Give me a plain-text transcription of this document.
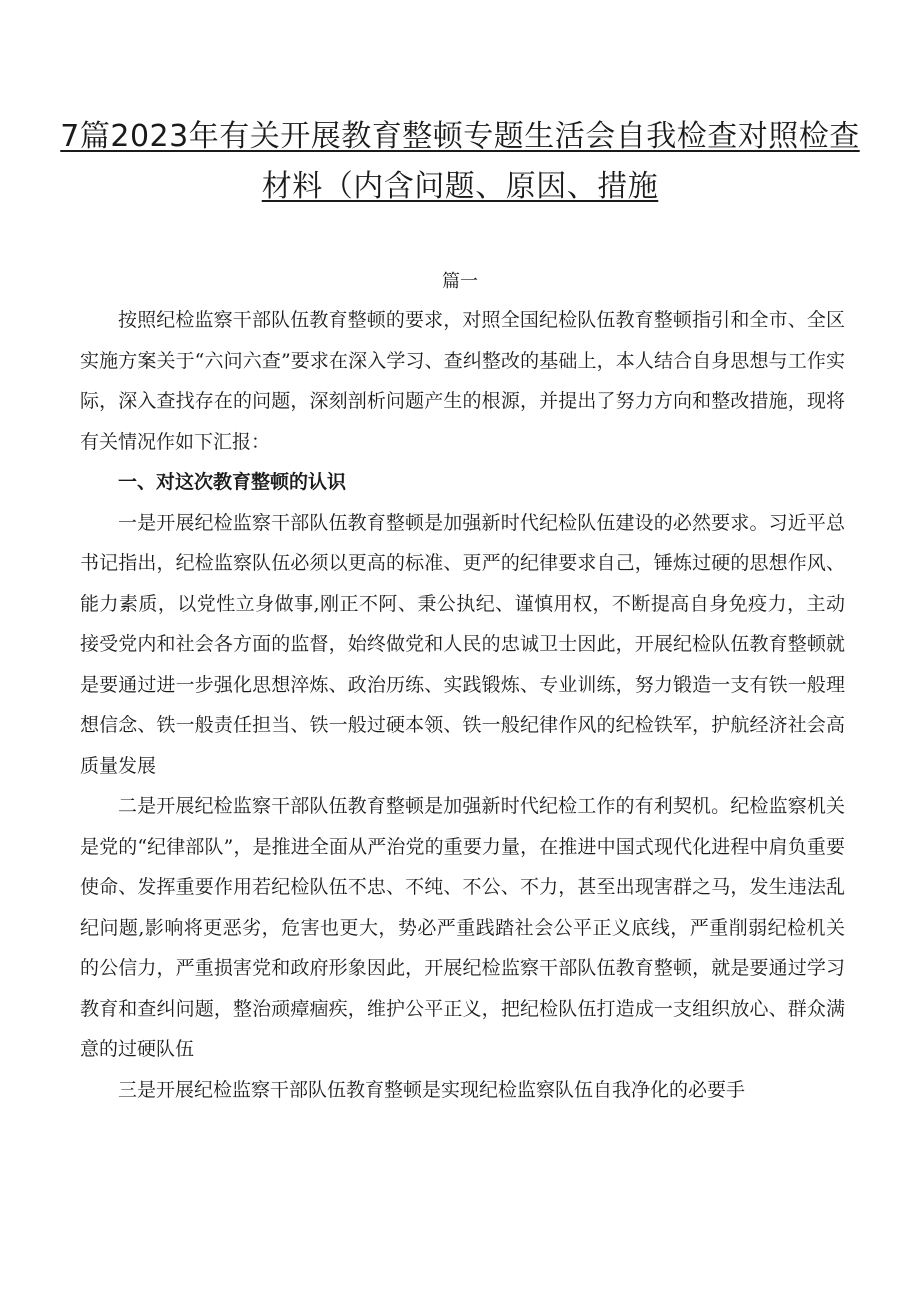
7篇2023年有关开展教育整顿专题生活会自我检查对照检查材料（内含问题、原因、措施
篇一

按照纪检监察干部队伍教育整顿的要求，对照全国纪检队伍教育整顿指引和全市、全区实施方案关于“六问六查”要求在深入学习、查纠整改的基础上，本人结合自身思想与工作实际，深入查找存在的问题，深刻剖析问题产生的根源，并提出了努力方向和整改措施，现将有关情况作如下汇报：

一、对这次教育整顿的认识

一是开展纪检监察干部队伍教育整顿是加强新时代纪检队伍建设的必然要求。习近平总书记指出，纪检监察队伍必须以更高的标准、更严的纪律要求自己，锤炼过硬的思想作风、能力素质，以党性立身做事,刚正不阿、秉公执纪、谨慎用权，不断提高自身免疫力，主动接受党内和社会各方面的监督，始终做党和人民的忠诚卫士因此，开展纪检队伍教育整顿就是要通过进一步强化思想淬炼、政治历练、实践锻炼、专业训练，努力锻造一支有铁一般理想信念、铁一般责任担当、铁一般过硬本领、铁一般纪律作风的纪检铁军，护航经济社会高质量发展

二是开展纪检监察干部队伍教育整顿是加强新时代纪检工作的有利契机。纪检监察机关是党的“纪律部队”，是推进全面从严治党的重要力量，在推进中国式现代化进程中肩负重要使命、发挥重要作用若纪检队伍不忠、不纯、不公、不力，甚至出现害群之马，发生违法乱纪问题,影响将更恶劣，危害也更大，势必严重践踏社会公平正义底线，严重削弱纪检机关的公信力，严重损害党和政府形象因此，开展纪检监察干部队伍教育整顿，就是要通过学习教育和查纠问题，整治顽瘴痼疾，维护公平正义，把纪检队伍打造成一支组织放心、群众满意的过硬队伍

三是开展纪检监察干部队伍教育整顿是实现纪检监察队伍自我净化的必要手
